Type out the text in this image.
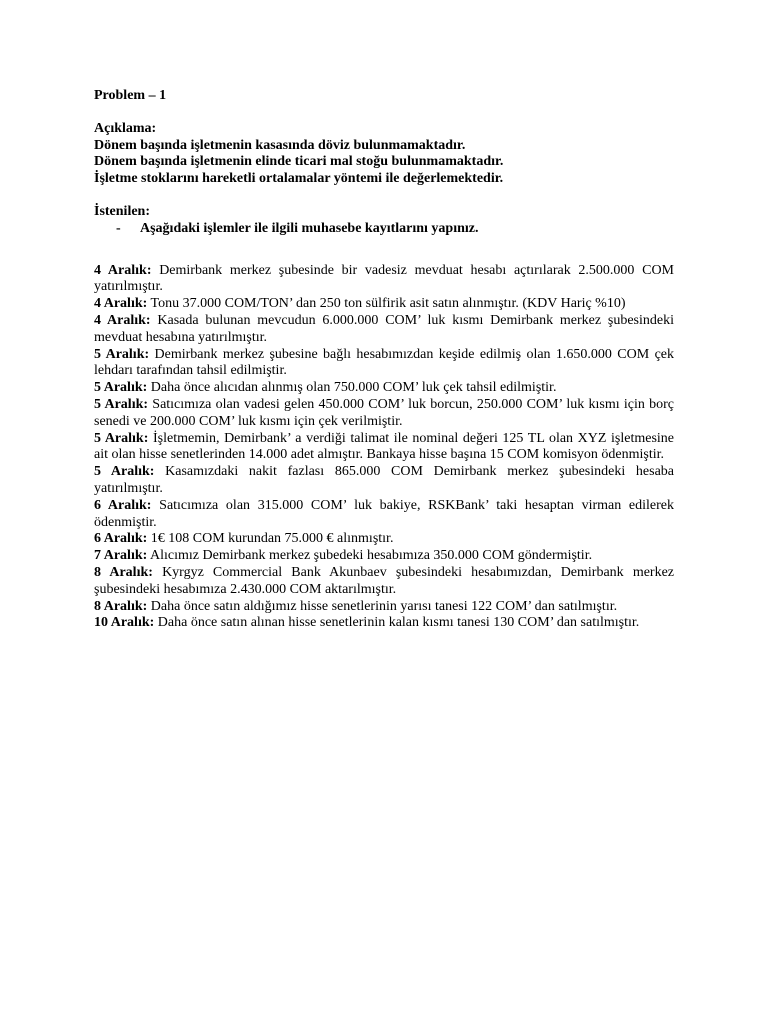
Problem – 1
Açıklama:
Dönem başında işletmenin kasasında döviz bulunmamaktadır.
Dönem başında işletmenin elinde ticari mal stoğu bulunmamaktadır.
İşletme stoklarını hareketli ortalamalar yöntemi ile değerlemektedir.
İstenilen:
-	Aşağıdaki işlemler ile ilgili muhasebe kayıtlarını yapınız.
4 Aralık: Demirbank merkez şubesinde bir vadesiz mevduat hesabı açtırılarak 2.500.000 COM yatırılmıştır.
4 Aralık: Tonu 37.000 COM/TON’ dan 250 ton sülfirik asit satın alınmıştır. (KDV Hariç %10)
4 Aralık: Kasada bulunan mevcudun 6.000.000 COM’ luk kısmı Demirbank merkez şubesindeki mevduat hesabına yatırılmıştır.
5 Aralık: Demirbank merkez şubesine bağlı hesabımızdan keşide edilmiş olan 1.650.000 COM çek lehdarı tarafından tahsil edilmiştir.
5 Aralık: Daha önce alıcıdan alınmış olan 750.000 COM’ luk çek tahsil edilmiştir.
5 Aralık: Satıcımıza olan vadesi gelen 450.000 COM’ luk borcun, 250.000 COM’ luk kısmı için borç senedi ve 200.000 COM’ luk kısmı için çek verilmiştir.
5 Aralık: İşletmemin, Demirbank’ a verdiği talimat ile nominal değeri 125 TL olan XYZ işletmesine ait olan hisse senetlerinden 14.000 adet almıştır. Bankaya hisse başına 15 COM komisyon ödenmiştir.
5 Aralık: Kasamızdaki nakit fazlası 865.000 COM Demirbank merkez şubesindeki hesaba yatırılmıştır.
6 Aralık: Satıcımıza olan 315.000 COM’ luk bakiye, RSKBank’ taki hesaptan virman edilerek ödenmiştir.
6 Aralık: 1€ 108 COM kurundan 75.000 € alınmıştır.
7 Aralık: Alıcımız Demirbank merkez şubedeki hesabımıza 350.000 COM göndermiştir.
8 Aralık: Kyrgyz Commercial Bank Akunbaev şubesindeki hesabımızdan, Demirbank merkez şubesindeki hesabımıza 2.430.000 COM aktarılmıştır.
8 Aralık: Daha önce satın aldığımız hisse senetlerinin yarısı tanesi 122 COM’ dan satılmıştır.
10 Aralık: Daha önce satın alınan hisse senetlerinin kalan kısmı tanesi 130 COM’ dan satılmıştır.
